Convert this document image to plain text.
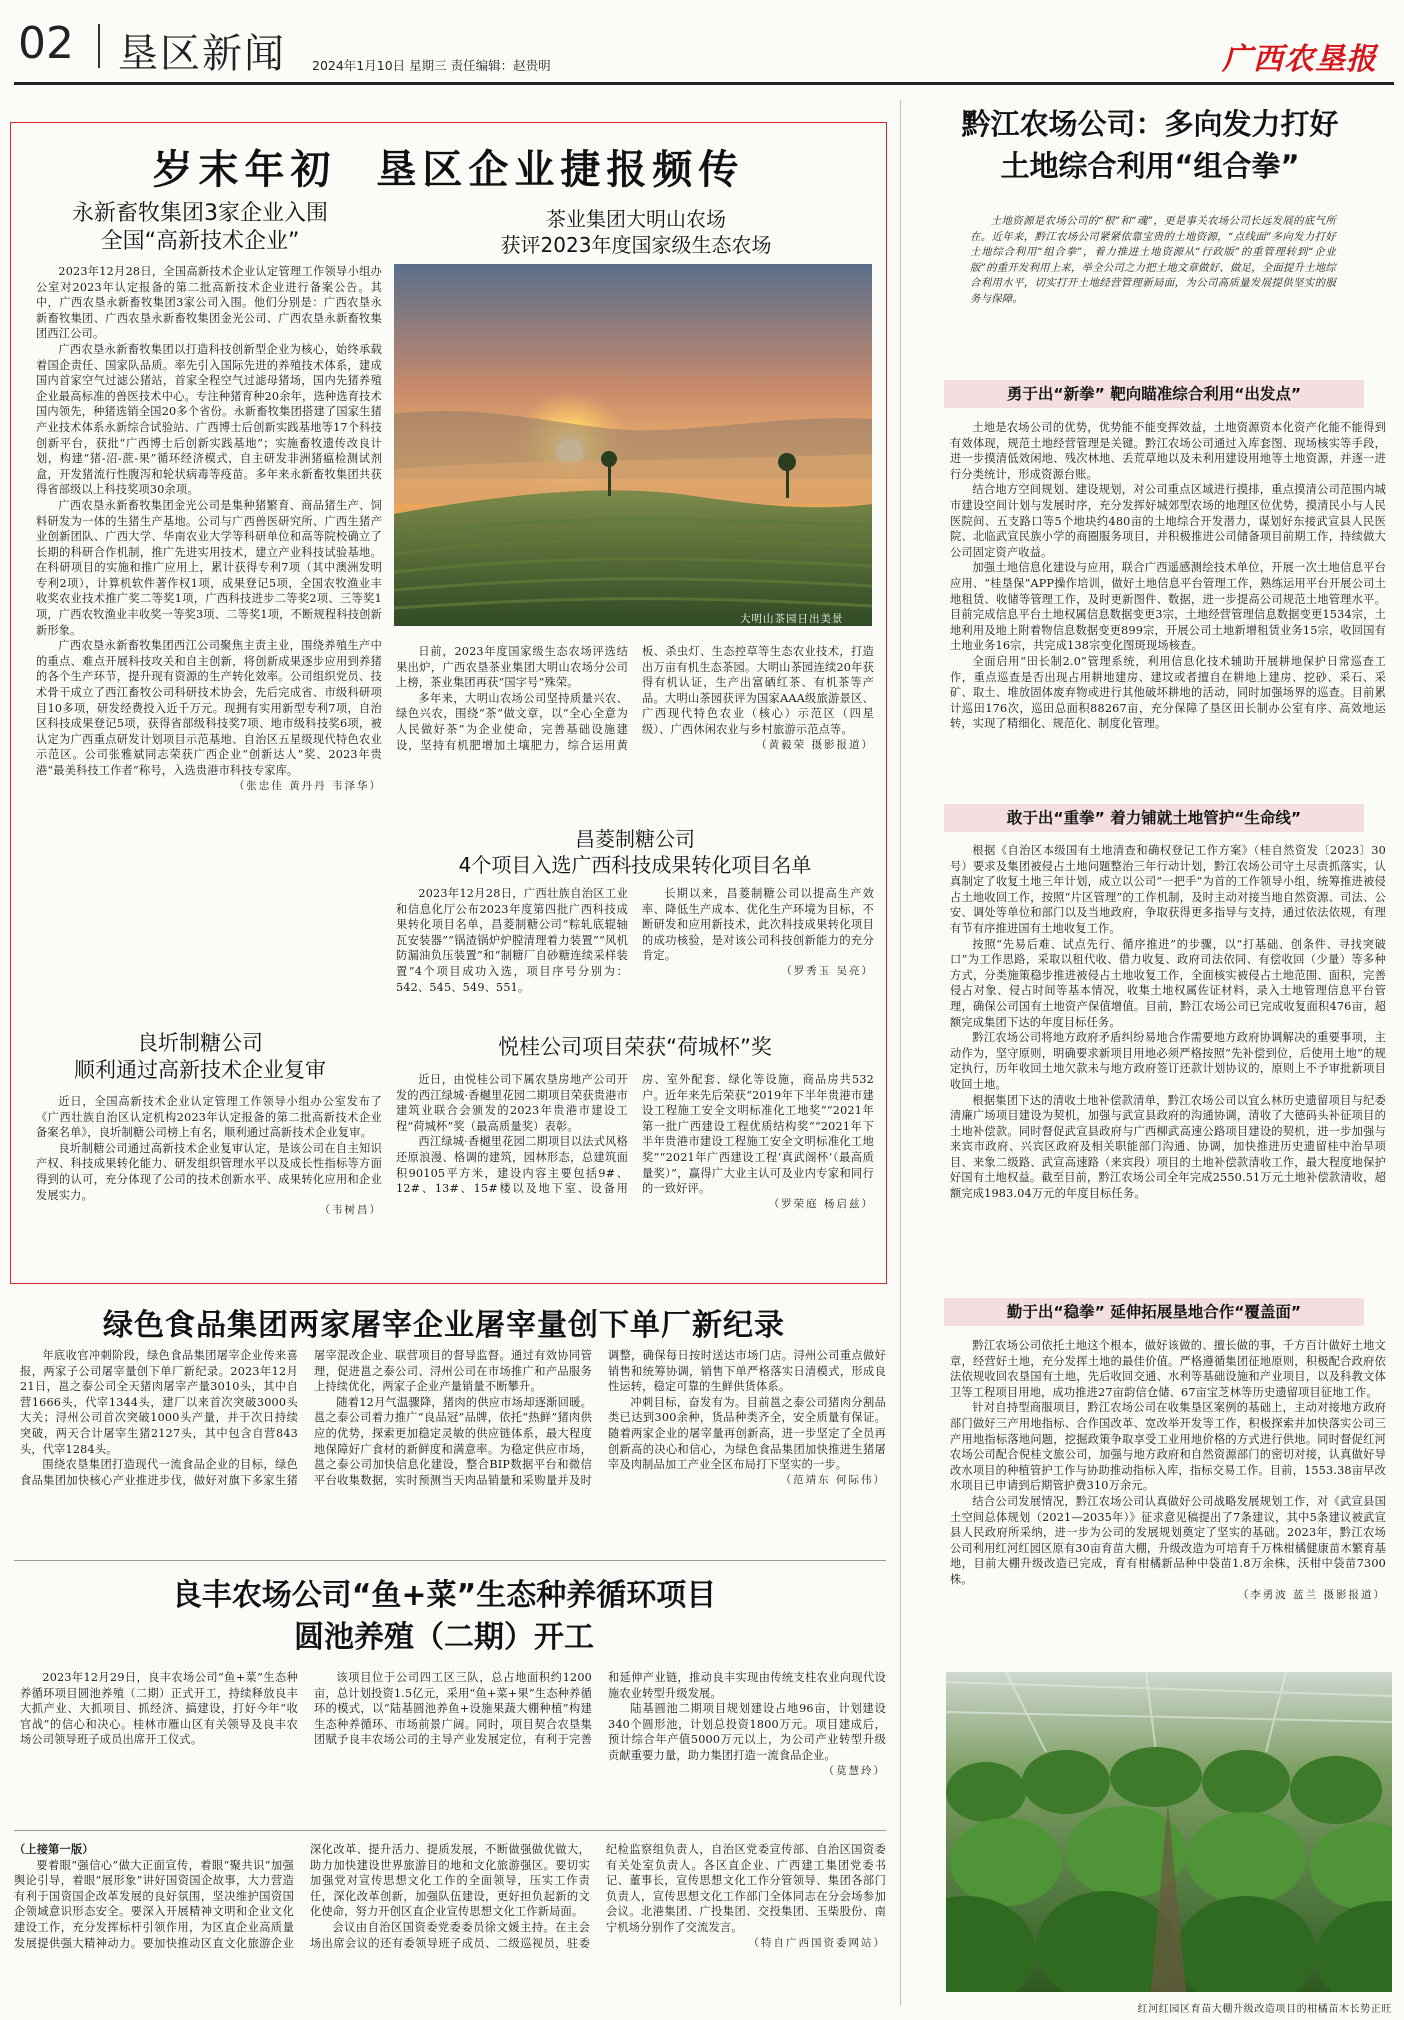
02 垦区新闻 2024年1月10日 星期三 责任编辑：赵贵明	广西农垦报
岁末年初  垦区企业捷报频传
永新畜牧集团3家企业入围
全国“高新技术企业”

2023年12月28日，全国高新技术企业认定管理工作领导小组办公室对2023年认定报备的第二批高新技术企业进行备案公告。其中，广西农垦永新畜牧集团3家公司入围。他们分别是：广西农垦永新畜牧集团、广西农垦永新畜牧集团金光公司、广西农垦永新畜牧集团西江公司。

广西农垦永新畜牧集团以打造科技创新型企业为核心，始终承载着国企责任、国家队品质。率先引入国际先进的养殖技术体系，建成国内首家空气过滤公猪站，首家全程空气过滤母猪场，国内先猪养殖企业最高标准的兽医技术中心。专注种猪育种20余年，选种选育技术国内领先，种猪选销全国20多个省份。永新畜牧集团搭建了国家生猪产业技术体系永新综合试验站、广西博士后创新实践基地等17个科技创新平台，获批“广西博士后创新实践基地”；实施畜牧遗传改良计划，构建“猪-沼-蔗-果”循环经济模式，自主研发非洲猪瘟检测试剂盒，开发猪流行性腹泻和轮状病毒等疫苗。多年来永新畜牧集团共获得省部级以上科技奖项30余项。

广西农垦永新畜牧集团金光公司是集种猪繁育、商品猪生产、饲料研发为一体的生猪生产基地。公司与广西兽医研究所、广西生猪产业创新团队、广西大学、华南农业大学等科研单位和高等院校确立了长期的科研合作机制，推广先进实用技术，建立产业科技试验基地。在科研项目的实施和推广应用上，累计获得专利7项（其中澳洲发明专利2项），计算机软件著作权1项，成果登记5项，全国农牧渔业丰收奖农业技术推广奖二等奖1项，广西科技进步二等奖2项、三等奖1项，广西农牧渔业丰收奖一等奖3项、二等奖1项，不断规程科技创新新形象。

广西农垦永新畜牧集团西江公司聚焦主责主业，围绕养殖生产中的重点、难点开展科技攻关和自主创新，将创新成果逐步应用到养猪的各个生产环节，提升现有资源的生产转化效率。公司组织党员、技术骨干成立了西江畜牧公司科研技术协会，先后完成省、市级科研项目10多项，研发经费投入近千万元。现拥有实用新型专利7项，自治区科技成果登记5项，获得省部级科技奖7项、地市级科技奖6项，被认定为广西重点研发计划项目示范基地、自治区五星级现代特色农业示范区。公司张雅斌同志荣获广西企业“创新达人”奖、2023年贵港“最美科技工作者”称号，入选贵港市科技专家库。

（张忠佳 黄丹丹 韦泽华）

茶业集团大明山农场
获评2023年度国家级生态农场
大明山茶园日出美景

日前，2023年度国家级生态农场评选结果出炉，广西农垦茶业集团大明山农场分公司上榜，茶业集团再获“国字号”殊荣。

多年来，大明山农场公司坚持质量兴农、绿色兴农，围绕“茶”做文章，以“全心全意为人民做好茶”为企业使命，完善基础设施建设，坚持有机肥增加土壤肥力，综合运用黄板、杀虫灯、生态控草等生态农业技术，打造出万亩有机生态茶园。大明山茶园连续20年获得有机认证，生产出富硒红茶、有机茶等产品。大明山茶园获评为国家AAA级旅游景区、广西现代特色农业（核心）示范区（四星级）、广西休闲农业与乡村旅游示范点等。

（黄毅荣 摄影报道）

昌菱制糖公司
4个项目入选广西科技成果转化项目名单

2023年12月28日，广西壮族自治区工业和信息化厅公布2023年度第四批广西科技成果转化项目名单，昌菱制糖公司“粽轧底辊轴瓦安装器”“锅渣锅炉炉膛清理着力装置”“风机防漏油负压装置”和“制糖厂自砂糖连续采样装置”4个项目成功入选，项目序号分别为：542、545、549、551。

长期以来，昌菱制糖公司以提高生产效率、降低生产成本、优化生产环境为目标，不断研发和应用新技术，此次科技成果转化项目的成功核验，是对该公司科技创新能力的充分肯定。

（罗秀玉 吴亮）

良圻制糖公司
顺利通过高新技术企业复审

近日，全国高新技术企业认定管理工作领导小组办公室发布了《广西壮族自治区认定机构2023年认定报备的第二批高新技术企业备案名单》，良圻制糖公司榜上有名，顺利通过高新技术企业复审。

良圻制糖公司通过高新技术企业复审认定，是该公司在自主知识产权、科技成果转化能力、研发组织管理水平以及成长性指标等方面得到的认可，充分体现了公司的技术创新水平、成果转化应用和企业发展实力。

（韦树昌）

悦桂公司项目荣获“荷城杯”奖

近日，由悦桂公司下属农垦房地产公司开发的西江绿城·香樾里花园二期项目荣获贵港市建筑业联合会颁发的2023年贵港市建设工程“荷城杯”奖（最高质量奖）表彰。

西江绿城·香樾里花园二期项目以法式风格还原浪漫、格调的建筑，园林形态，总建筑面积90105平方米，建设内容主要包括9#、12#、13#、15#楼以及地下室、设备用房、室外配套、绿化等设施，商品房共532户。近年来先后荣获“2019年下半年贵港市建设工程施工安全文明标准化工地奖”“2021年第一批广西建设工程优质结构奖”“2021年下半年贵港市建设工程施工安全文明标准化工地奖”“2021年广西建设工程‘真武阁杯’（最高质量奖）”，赢得广大业主认可及业内专家和同行的一致好评。

（罗荣庭 杨启兹）

绿色食品集团两家屠宰企业屠宰量创下单厂新纪录

年底收官冲刺阶段，绿色食品集团屠宰企业传来喜报，两家子公司屠宰量创下单厂新纪录。2023年12月21日，邕之泰公司全天猪肉屠宰产量3010头，其中自营1666头，代宰1344头，建厂以来首次突破3000头大关；浔州公司首次突破1000头产量，并于次日持续突破，两天合计屠宰生猪2127头，其中包含自营843头，代宰1284头。

围绕农垦集团打造现代一流食品企业的目标，绿色食品集团加快核心产业推进步伐，做好对旗下多家生猪屠宰混改企业、联营项目的督导监督。通过有效协同管理，促进邕之泰公司、浔州公司在市场推广和产品服务上持续优化，两家子企业产量销量不断攀升。

随着12月气温骤降，猪肉的供应市场却逐渐回暖。邕之泰公司着力推广“良品冠”品牌，依托“热鲜”猪肉供应的优势，探索更加稳定灵敏的供应链体系，最大程度地保障好广食材的新鲜度和满意率。为稳定供应市场，邕之泰公司加快信息化建设，整合BIP数据平台和微信平台收集数据，实时预测当天肉品销量和采购量并及时调整，确保每日按时送达市场门店。浔州公司重点做好销售和统筹协调，销售下单严格落实日清模式，形成良性运转，稳定可靠的生鲜供货体系。

冲刺目标，奋发有为。目前邕之泰公司猪肉分割品类已达到300余种，货品种类齐全，安全质量有保证。随着两家企业的屠宰量再创新高，进一步坚定了全员再创新高的决心和信心，为绿色食品集团加快推进生猪屠宰及肉制品加工产业全区布局打下坚实的一步。

（范靖东 何际伟）

良丰农场公司“鱼+菜”生态种养循环项目
圆池养殖（二期）开工

2023年12月29日，良丰农场公司“鱼+菜”生态种养循环项目圆池养殖（二期）正式开工，持续释放良丰大抓产业、大抓项目、抓经济、搞建设，打好今年“收官战”的信心和决心。桂林市雁山区有关领导及良丰农场公司领导班子成员出席开工仪式。

该项目位于公司四工区三队，总占地面积约1200亩，总计划投资1.5亿元，采用“鱼+菜+果”生态种养循环的模式，以“陆基圆池养鱼+设施果蔬大棚种植”构建生态种养循环、市场前景广阔。同时，项目契合农垦集团赋予良丰农场公司的主导产业发展定位，有利于完善和延伸产业链，推动良丰实现由传统支柱农业向现代设施农业转型升级发展。

陆基圆池二期项目规划建设占地96亩，计划建设340个圆形池，计划总投资1800万元。项目建成后，预计综合年产值5000万元以上，为公司产业转型升级贡献重要力量，助力集团打造一流食品企业。

（莫慧玲）

（上接第一版）

要着眼“强信心”做大正面宣传，着眼“聚共识”加强舆论引导，着眼“展形象”讲好国资国企故事，大力营造有利于国资国企改革发展的良好氛围，坚决维护国资国企领域意识形态安全。要深入开展精神文明和企业文化建设工作，充分发挥标杆引领作用，为区直企业高质量发展提供强大精神动力。要加快推动区直文化旅游企业深化改革、提升活力、提质发展，不断做强做优做大，助力加快建设世界旅游目的地和文化旅游强区。要切实加强党对宣传思想文化工作的全面领导，压实工作责任，深化改革创新，加强队伍建设，更好担负起新的文化使命，努力开创区直企业宣传思想文化工作新局面。

会议由自治区国资委党委委员徐文媛主持。在主会场出席会议的还有委领导班子成员、二级巡视员，驻委纪检监察组负责人，自治区党委宣传部、自治区国资委有关处室负责人。各区直企业、广西建工集团党委书记、董事长，宣传思想文化工作分管领导、集团各部门负责人，宣传思想文化工作部门全体同志在分会场参加会议。北港集团、广投集团、交投集团、玉柴股份、南宁机场分别作了交流发言。

（特自广西国资委网站）

黔江农场公司：多向发力打好
土地综合利用“组合拳”

土地资源是农场公司的“根”和“魂”，更是事关农场公司长远发展的底气所在。近年来，黔江农场公司紧紧依靠宝贵的土地资源，“点线面”多向发力打好土地综合利用“组合拳”，着力推进土地资源从“行政版”的重管理转到“企业版”的重开发利用上来，举全公司之力把土地文章做好、做足，全面提升土地综合利用水平，切实打开土地经营管理新局面，为公司高质量发展提供坚实的服务与保障。

勇于出“新拳” 靶向瞄准综合利用“出发点”

土地是农场公司的优势，优势能不能变挥效益，土地资源资本化资产化能不能得到有效体现，规范土地经营管理是关键。黔江农场公司通过入库套图、现场核实等手段，进一步摸清低效闲地、残次林地、丢荒草地以及未利用建设用地等土地资源，并逐一进行分类统计，形成资源台账。

结合地方空间规划、建设规划，对公司重点区域进行摸排，重点摸清公司范围内城市建设空间计划与发展时序，充分发挥好城郊型农场的地理区位优势，摸清民小与人民医院间、五支路口等5个地块约480亩的土地综合开发潜力，谋划好东接武宣县人民医院、北临武宣民族小学的商圈服务项目，并积极推进公司储备项目前期工作，持续做大公司固定资产收益。

加强土地信息化建设与应用，联合广西遥感测绘技术单位，开展一次土地信息平台应用、“桂垦保”APP操作培训，做好土地信息平台管理工作，熟练运用平台开展公司土地租赁、收储等管理工作，及时更新图件、数据，进一步提高公司规范土地管理水平。目前完成信息平台土地权属信息数据变更3宗，土地经营管理信息数据变更1534宗，土地利用及地上附着物信息数据变更899宗，开展公司土地新增租赁业务15宗，收回国有土地业务16宗，共完成138宗变化图斑现场核查。

全面启用“田长制2.0”管理系统，利用信息化技术辅助开展耕地保护日常巡查工作，重点巡查是否出现占用耕地建房、建坟或者擅自在耕地上建房、挖砂、采石、采矿、取土、堆放固体废弃物或进行其他破坏耕地的活动，同时加强场界的巡查。目前累计巡田176次，巡田总面积88267亩，充分保障了垦区田长制办公室有序、高效地运转，实现了精细化、规范化、制度化管理。

敢于出“重拳” 着力铺就土地管护“生命线”

根据《自治区本级国有土地清查和确权登记工作方案》（桂自然资发〔2023〕30号）要求及集团被侵占土地问题整治三年行动计划，黔江农场公司守土尽责抓落实，认真制定了收复土地三年计划，成立以公司“一把手”为首的工作领导小组，统筹推进被侵占土地收回工作，按照“片区管理”的工作机制，及时主动对接当地自然资源、司法、公安、调处等单位和部门以及当地政府，争取获得更多指导与支持，通过依法依规，有理有节有序推进国有土地收复工作。

按照“先易后难、试点先行、循序推进”的步骤，以“打基础、创条件、寻找突破口”为工作思路，采取以租代收、借力收复、政府司法依同、有偿收回（少量）等多种方式，分类施策稳步推进被侵占土地收复工作，全面核实被侵占土地范围、面积，完善侵占对象、侵占时间等基本情况，收集土地权属佐证材料，录入土地管理信息平台管理，确保公司国有土地资产保值增值。目前，黔江农场公司已完成收复面积476亩，超额完成集团下达的年度目标任务。

黔江农场公司将地方政府矛盾纠纷易地合作需要地方政府协调解决的重要事项，主动作为，坚守原则，明确要求新项目用地必须严格按照“先补偿到位，后使用土地”的规定执行，历年收回土地欠款未与地方政府签订还款计划协议的，原则上不予审批新项目收回土地。

根据集团下达的清收土地补偿款清单，黔江农场公司以宜么林历史遗留项目与纪委清廉广场项目建设为契机，加强与武宣县政府的沟通协调，清收了大德码头补征项目的土地补偿款。同时督促武宣县政府与广西柳武高速公路项目建设的契机，进一步加强与来宾市政府、兴宾区政府及相关职能部门沟通、协调，加快推进历史遗留桂中治旱项目、来象二级路、武宣高速路（来宾段）项目的土地补偿款清收工作，最大程度地保护好国有土地权益。截至目前，黔江农场公司全年完成2550.51万元土地补偿款清收，超额完成1983.04万元的年度目标任务。

勤于出“稳拳” 延伸拓展垦地合作“覆盖面”

黔江农场公司依托土地这个根本，做好该做的、擅长做的事，千方百计做好土地文章，经营好土地，充分发挥土地的最佳价值。严格遵循集团征地原则，积极配合政府依法依规收回农垦国有土地，先后收回交通、水利等基础设施和产业项目，以及科教文体卫等工程项目用地，成功推进27亩韵信仓储、67亩宝芝林等历史遗留项目征地工作。

针对自持型商服项目，黔江农场公司在收集垦区案例的基础上，主动对接地方政府部门做好三产用地指标、合作国改革、宽改举开发等工作，积极探索并加快落实公司三产用地指标落地问题，挖掘政策争取享受工业用地价格的方式进行供地。同时督促红河农场公司配合倪桂文旅公司，加强与地方政府和自然资源部门的密切对接，认真做好导改水项目的种植管护工作与协助推动指标入库，指标交易工作。目前，1553.38亩早改水项目已申请到后期管护费310万余元。

结合公司发展情况，黔江农场公司认真做好公司战略发展规划工作，对《武宣县国土空间总体规划（2021—2035年）》征求意见稿提出了7条建议，其中5条建议被武宣县人民政府所采纳，进一步为公司的发展规划奠定了坚实的基础。2023年，黔江农场公司利用红河红园区原有30亩育苗大棚，升级改造为可培育千万株柑橘健康苗木繁育基地，目前大棚升级改造已完成，育有柑橘新品种中袋苗1.8万余株，沃柑中袋苗7300株。

（李勇波 蓝兰 摄影报道）

红河红园区育苗大棚升级改造项目的柑橘苗木长势正旺
